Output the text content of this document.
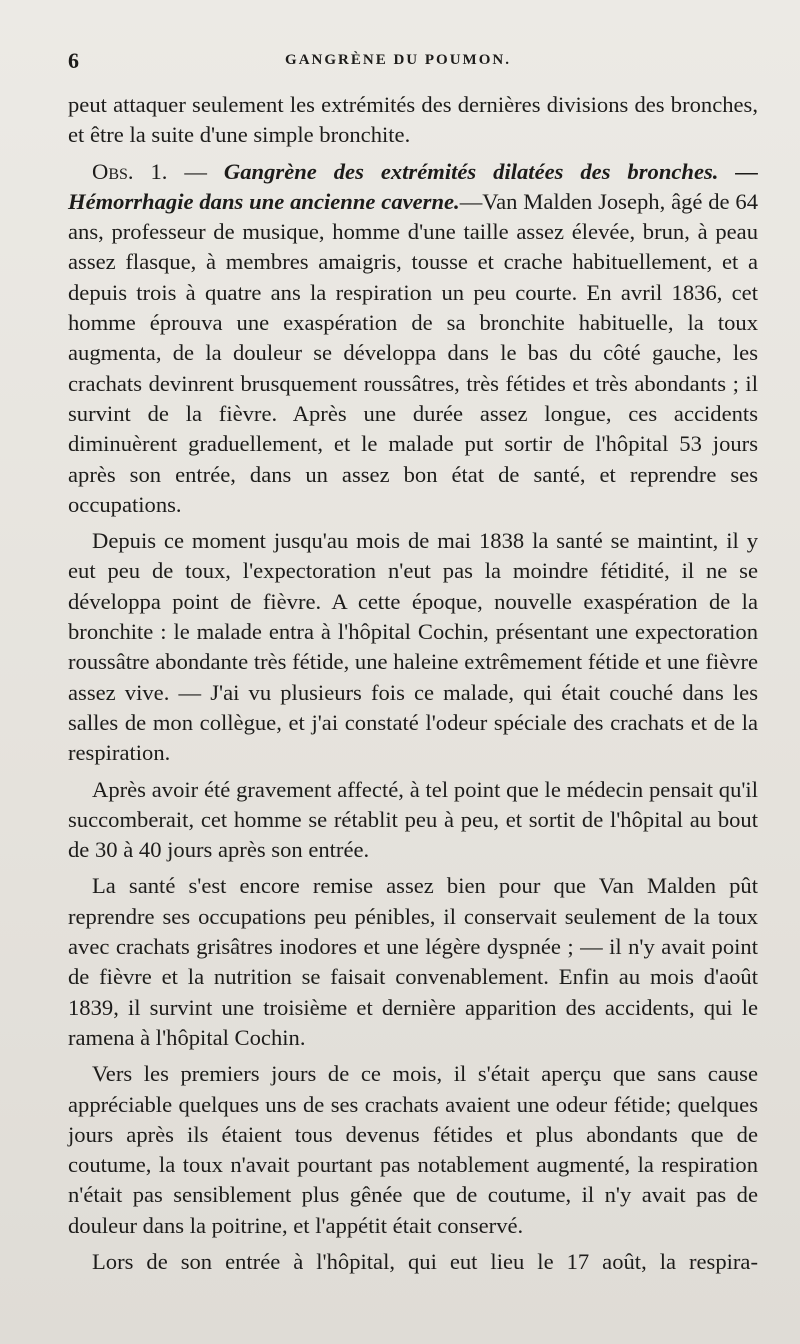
6	GANGRÈNE DU POUMON.

peut attaquer seulement les extrémités des dernières divisions des bronches, et être la suite d'une simple bronchite.

Obs. 1. — Gangrène des extrémités dilatées des bronches. — Hémorrhagie dans une ancienne caverne.—Van Malden Joseph, âgé de 64 ans, professeur de musique, homme d'une taille assez élevée, brun, à peau assez flasque, à membres amaigris, tousse et crache habituellement, et a depuis trois à quatre ans la respiration un peu courte. En avril 1836, cet homme éprouva une exaspération de sa bronchite habituelle, la toux augmenta, de la douleur se développa dans le bas du côté gauche, les crachats devinrent brusquement roussâtres, très fétides et très abondants ; il survint de la fièvre. Après une durée assez longue, ces accidents diminuèrent graduellement, et le malade put sortir de l'hôpital 53 jours après son entrée, dans un assez bon état de santé, et reprendre ses occupations.

Depuis ce moment jusqu'au mois de mai 1838 la santé se maintint, il y eut peu de toux, l'expectoration n'eut pas la moindre fétidité, il ne se développa point de fièvre. A cette époque, nouvelle exaspération de la bronchite : le malade entra à l'hôpital Cochin, présentant une expectoration roussâtre abondante très fétide, une haleine extrêmement fétide et une fièvre assez vive. — J'ai vu plusieurs fois ce malade, qui était couché dans les salles de mon collègue, et j'ai constaté l'odeur spéciale des crachats et de la respiration.

Après avoir été gravement affecté, à tel point que le médecin pensait qu'il succomberait, cet homme se rétablit peu à peu, et sortit de l'hôpital au bout de 30 à 40 jours après son entrée.

La santé s'est encore remise assez bien pour que Van Malden pût reprendre ses occupations peu pénibles, il conservait seulement de la toux avec crachats grisâtres inodores et une légère dyspnée ; — il n'y avait point de fièvre et la nutrition se faisait convenablement. Enfin au mois d'août 1839, il survint une troisième et dernière apparition des accidents, qui le ramena à l'hôpital Cochin.

Vers les premiers jours de ce mois, il s'était aperçu que sans cause appréciable quelques uns de ses crachats avaient une odeur fétide; quelques jours après ils étaient tous devenus fétides et plus abondants que de coutume, la toux n'avait pourtant pas notablement augmenté, la respiration n'était pas sensiblement plus gênée que de coutume, il n'y avait pas de douleur dans la poitrine, et l'appétit était conservé.

Lors de son entrée à l'hôpital, qui eut lieu le 17 août, la respira-
